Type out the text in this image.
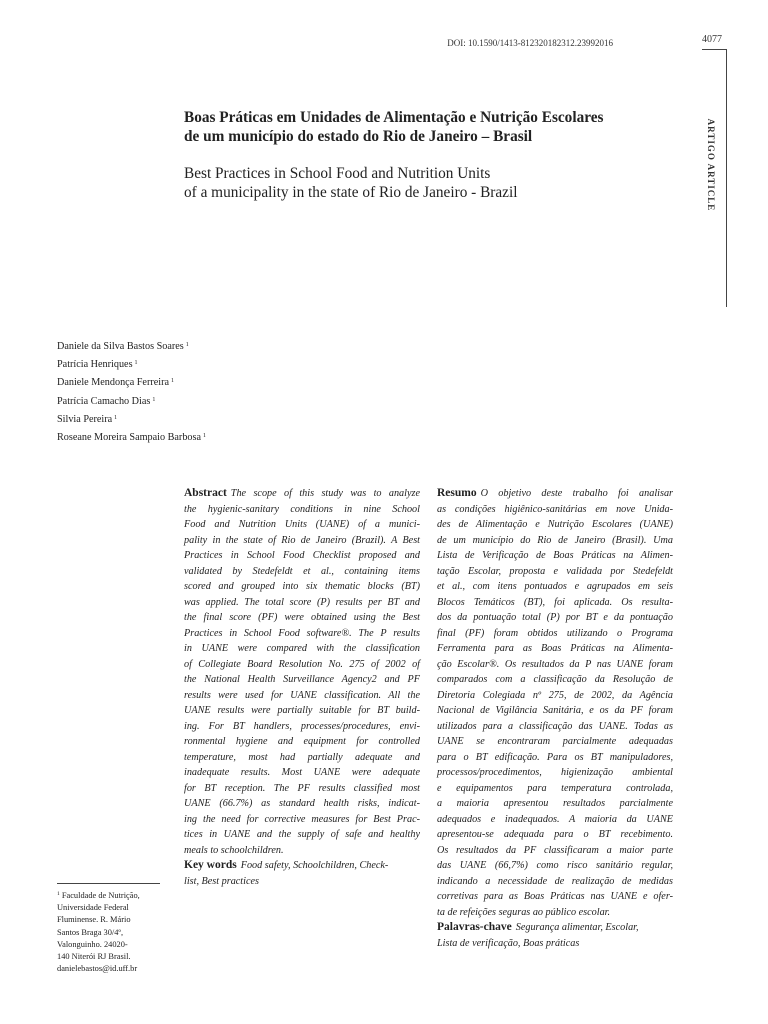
DOI: 10.1590/1413-812320182312.23992016	4077
ARTIGO ARTICLE
Boas Práticas em Unidades de Alimentação e Nutrição Escolares
de um município do estado do Rio de Janeiro – Brasil
Best Practices in School Food and Nutrition Units
of a municipality in the state of Rio de Janeiro - Brazil
Daniele da Silva Bastos Soares $^1$
Patrícia Henriques $^1$
Daniele Mendonça Ferreira $^1$
Patrícia Camacho Dias $^1$
Silvia Pereira $^1$
Roseane Moreira Sampaio Barbosa $^1$
Abstract The scope of this study was to analyze
the hygienic-sanitary conditions in nine School
Food and Nutrition Units (UANE) of a munici-
pality in the state of Rio de Janeiro (Brazil). A Best
Practices in School Food Checklist proposed and
validated by Stedefeldt et al., containing items
scored and grouped into six thematic blocks (BT)
was applied. The total score (P) results per BT and
the final score (PF) were obtained using the Best
Practices in School Food software®. The P results
in UANE were compared with the classification
of Collegiate Board Resolution No. 275 of 2002 of
the National Health Surveillance Agency2 and PF
results were used for UANE classification. All the
UANE results were partially suitable for BT build-
ing. For BT handlers, processes/procedures, envi-
ronmental hygiene and equipment for controlled
temperature, most had partially adequate and
inadequate results. Most UANE were adequate
for BT reception. The PF results classified most
UANE (66.7%) as standard health risks, indicat-
ing the need for corrective measures for Best Prac-
tices in UANE and the supply of safe and healthy
meals to schoolchildren.
Key words Food safety, Schoolchildren, Check-
list, Best practices
Resumo O objetivo deste trabalho foi analisar
as condições higiênico-sanitárias em nove Unida-
des de Alimentação e Nutrição Escolares (UANE)
de um município do Rio de Janeiro (Brasil). Uma
Lista de Verificação de Boas Práticas na Alimen-
tação Escolar, proposta e validada por Stedefeldt
et al., com itens pontuados e agrupados em seis
Blocos Temáticos (BT), foi aplicada. Os resulta-
dos da pontuação total (P) por BT e da pontuação
final (PF) foram obtidos utilizando o Programa
Ferramenta para as Boas Práticas na Alimenta-
ção Escolar®. Os resultados da P nas UANE foram
comparados com a classificação da Resolução de
Diretoria Colegiada nº 275, de 2002, da Agência
Nacional de Vigilância Sanitária, e os da PF foram
utilizados para a classificação das UANE. Todas as
UANE se encontraram parcialmente adequadas
para o BT edificação. Para os BT manipuladores,
processos/procedimentos, higienização ambiental
e equipamentos para temperatura controlada,
a maioria apresentou resultados parcialmente
adequados e inadequados. A maioria da UANE
apresentou-se adequada para o BT recebimento.
Os resultados da PF classificaram a maior parte
das UANE (66,7%) como risco sanitário regular,
indicando a necessidade de realização de medidas
corretivas para as Boas Práticas nas UANE e ofer-
ta de refeições seguras ao público escolar.
Palavras-chave Segurança alimentar, Escolar,
Lista de verificação, Boas práticas
$^1$ Faculdade de Nutrição,
Universidade Federal
Fluminense. R. Mário
Santos Braga 30/4º,
Valonguinho. 24020-
140 Niterói RJ Brasil.
danielebastos@id.uff.br
